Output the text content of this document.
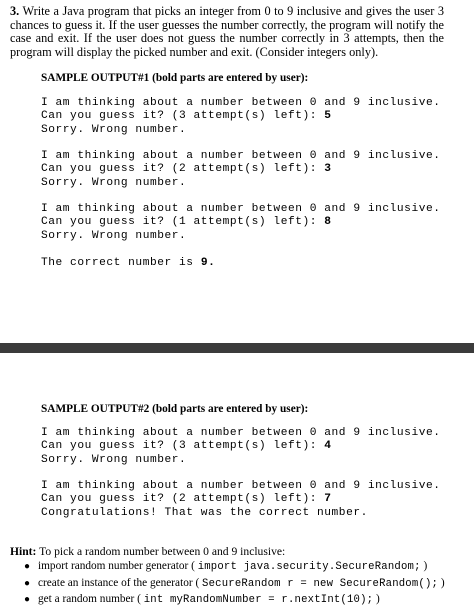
3. Write a Java program that picks an integer from 0 to 9 inclusive and gives the user 3 chances to guess it. If the user guesses the number correctly, the program will notify the case and exit. If the user does not guess the number correctly in 3 attempts, then the program will display the picked number and exit. (Consider integers only).

SAMPLE OUTPUT#1 (bold parts are entered by user):
I am thinking about a number between 0 and 9 inclusive.
Can you guess it? (3 attempt(s) left): 5
Sorry. Wrong number.
I am thinking about a number between 0 and 9 inclusive.
Can you guess it? (2 attempt(s) left): 3
Sorry. Wrong number.
I am thinking about a number between 0 and 9 inclusive.
Can you guess it? (1 attempt(s) left): 8
Sorry. Wrong number.
The correct number is 9.
SAMPLE OUTPUT#2 (bold parts are entered by user):
I am thinking about a number between 0 and 9 inclusive.
Can you guess it? (3 attempt(s) left): 4
Sorry. Wrong number.
I am thinking about a number between 0 and 9 inclusive.
Can you guess it? (2 attempt(s) left): 7
Congratulations! That was the correct number.
Hint: To pick a random number between 0 and 9 inclusive:
● import random number generator ( import java.security.SecureRandom; )
● create an instance of the generator ( SecureRandom r = new SecureRandom(); )
● get a random number ( int myRandomNumber = r.nextInt(10); )
